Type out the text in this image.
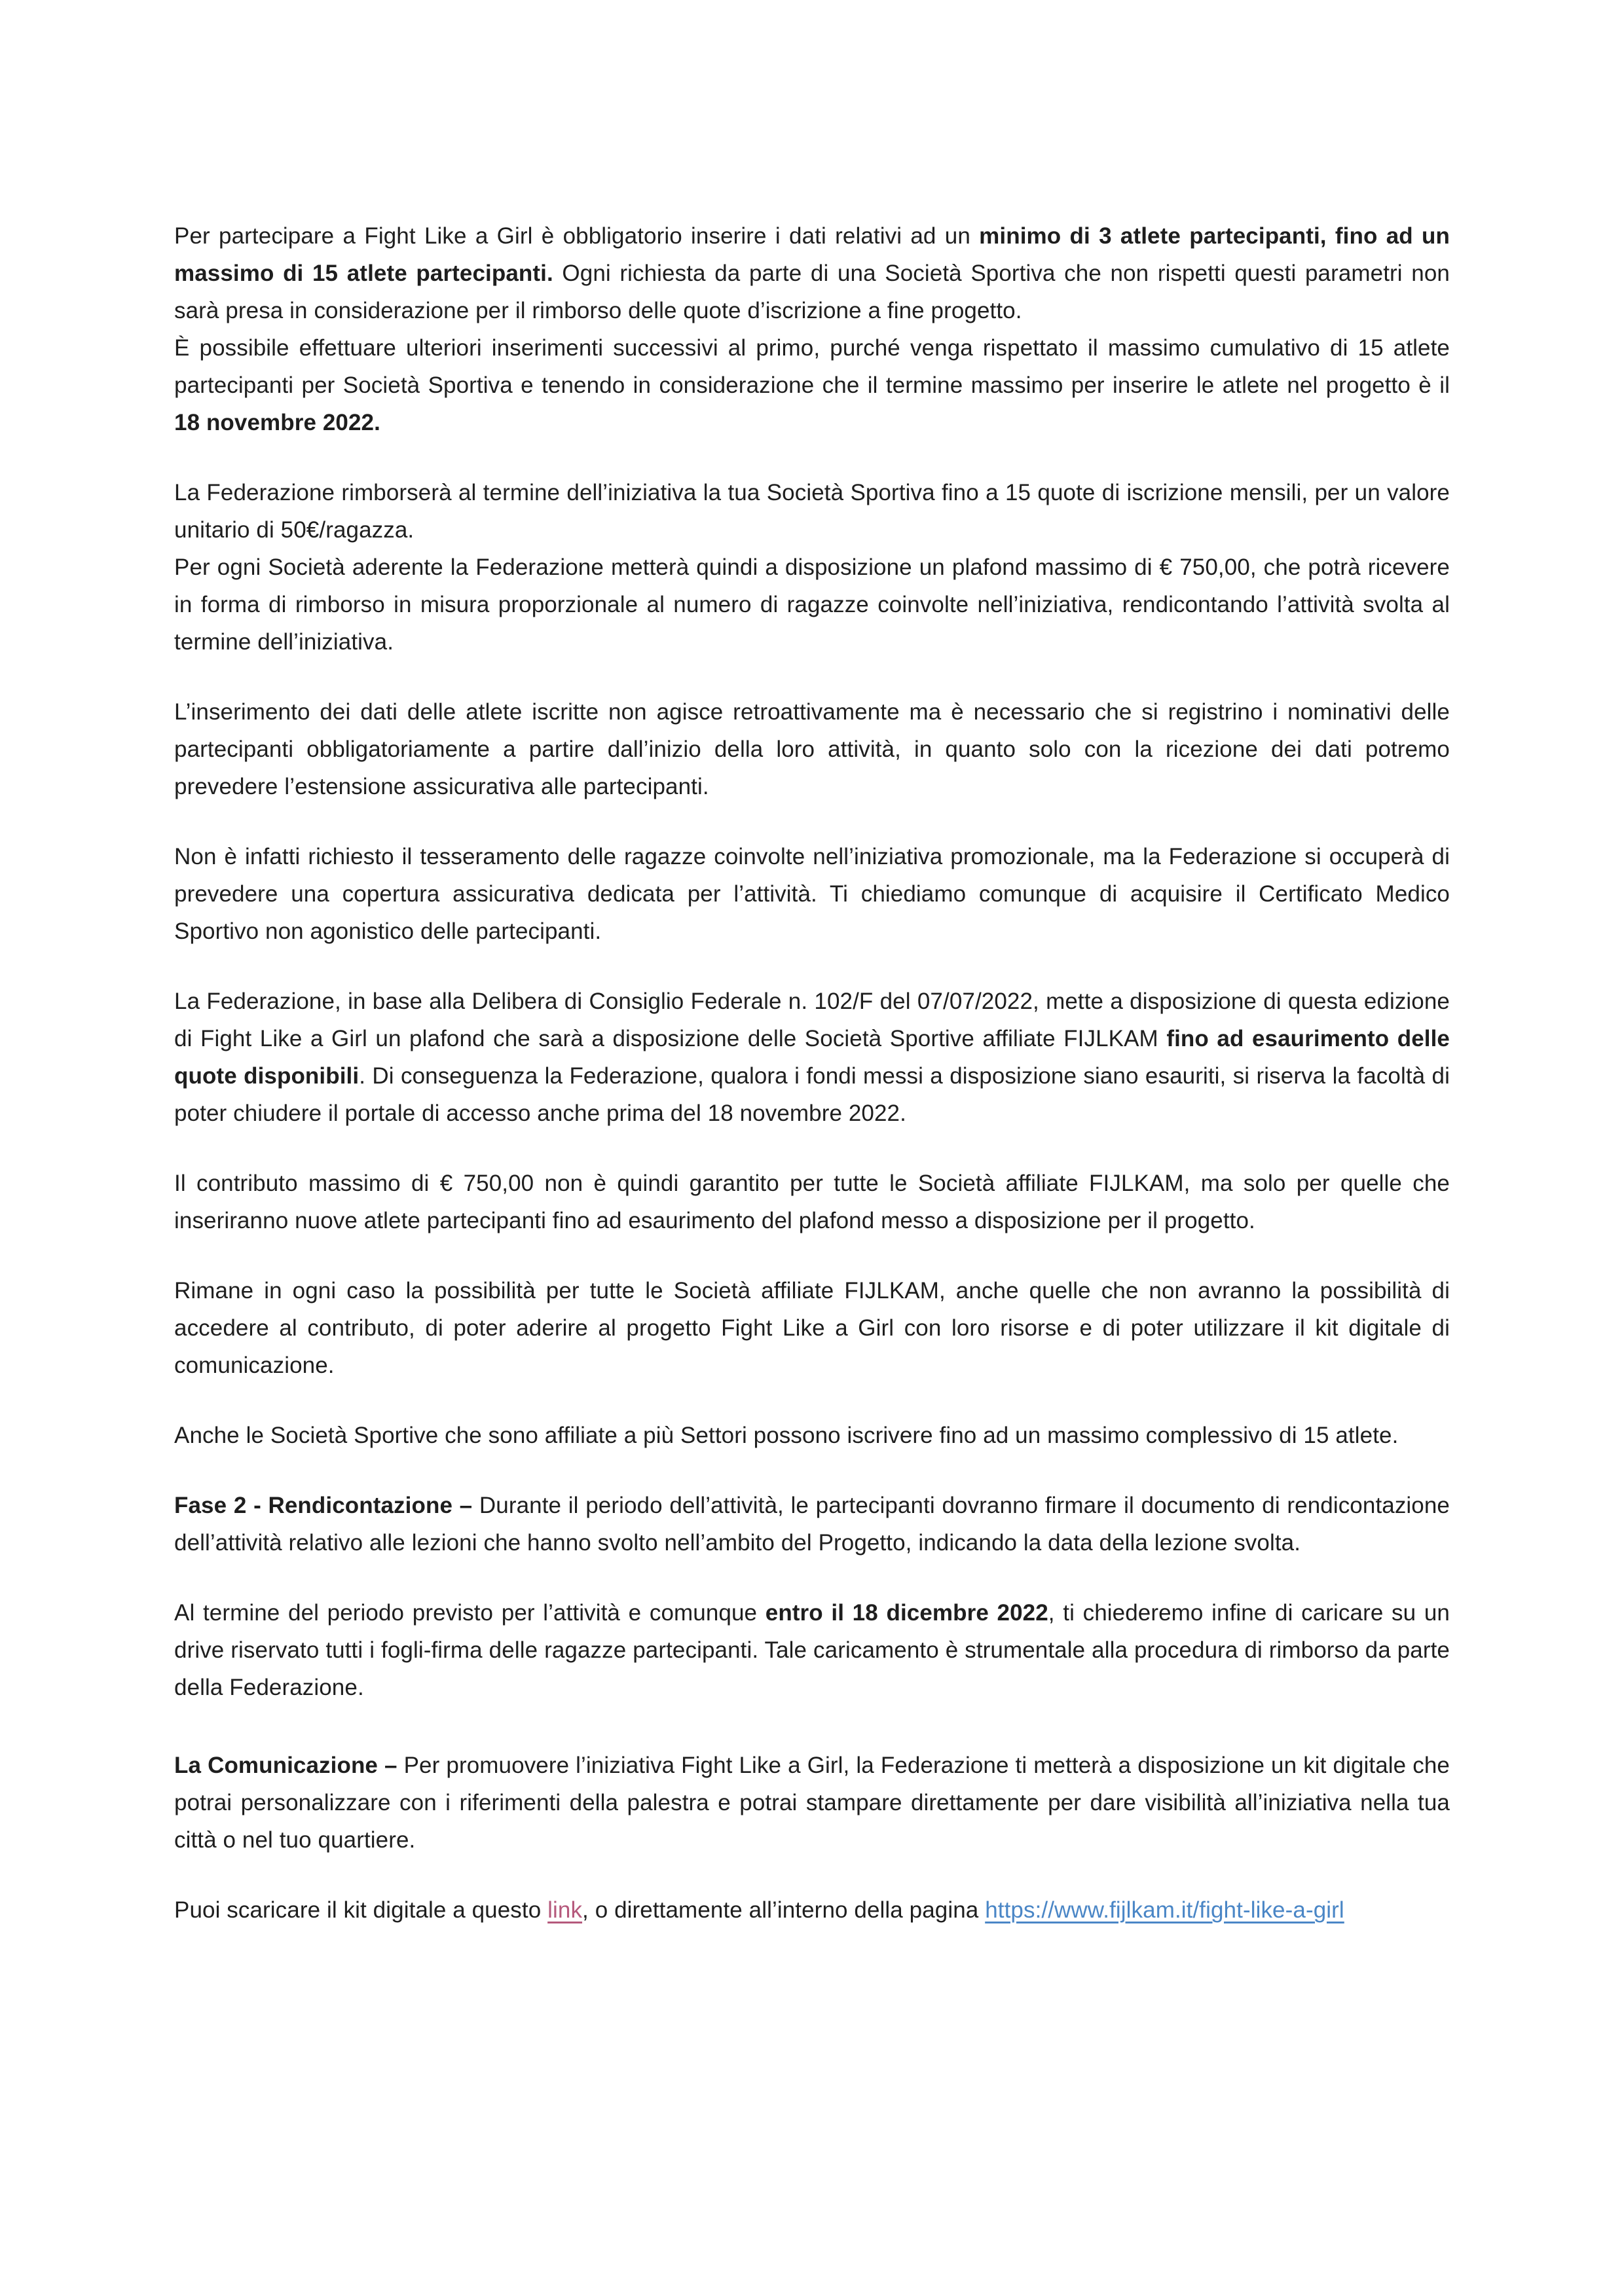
Per partecipare a Fight Like a Girl è obbligatorio inserire i dati relativi ad un minimo di 3 atlete partecipanti, fino ad un massimo di 15 atlete partecipanti. Ogni richiesta da parte di una Società Sportiva che non rispetti questi parametri non sarà presa in considerazione per il rimborso delle quote d’iscrizione a fine progetto.
È possibile effettuare ulteriori inserimenti successivi al primo, purché venga rispettato il massimo cumulativo di 15 atlete partecipanti per Società Sportiva e tenendo in considerazione che il termine massimo per inserire le atlete nel progetto è il 18 novembre 2022.

La Federazione rimborserà al termine dell’iniziativa la tua Società Sportiva fino a 15 quote di iscrizione mensili, per un valore unitario di 50€/ragazza.
Per ogni Società aderente la Federazione metterà quindi a disposizione un plafond massimo di € 750,00, che potrà ricevere in forma di rimborso in misura proporzionale al numero di ragazze coinvolte nell’iniziativa, rendicontando l’attività svolta al termine dell’iniziativa.

L’inserimento dei dati delle atlete iscritte non agisce retroattivamente ma è necessario che si registrino i nominativi delle partecipanti obbligatoriamente a partire dall’inizio della loro attività, in quanto solo con la ricezione dei dati potremo prevedere l’estensione assicurativa alle partecipanti.

Non è infatti richiesto il tesseramento delle ragazze coinvolte nell’iniziativa promozionale, ma la Federazione si occuperà di prevedere una copertura assicurativa dedicata per l’attività. Ti chiediamo comunque di acquisire il Certificato Medico Sportivo non agonistico delle partecipanti.

La Federazione, in base alla Delibera di Consiglio Federale n. 102/F del 07/07/2022, mette a disposizione di questa edizione di Fight Like a Girl un plafond che sarà a disposizione delle Società Sportive affiliate FIJLKAM fino ad esaurimento delle quote disponibili. Di conseguenza la Federazione, qualora i fondi messi a disposizione siano esauriti, si riserva la facoltà di poter chiudere il portale di accesso anche prima del 18 novembre 2022.

Il contributo massimo di € 750,00 non è quindi garantito per tutte le Società affiliate FIJLKAM, ma solo per quelle che inseriranno nuove atlete partecipanti fino ad esaurimento del plafond messo a disposizione per il progetto.

Rimane in ogni caso la possibilità per tutte le Società affiliate FIJLKAM, anche quelle che non avranno la possibilità di accedere al contributo, di poter aderire al progetto Fight Like a Girl con loro risorse e di poter utilizzare il kit digitale di comunicazione.

Anche le Società Sportive che sono affiliate a più Settori possono iscrivere fino ad un massimo complessivo di 15 atlete.

Fase 2 - Rendicontazione – Durante il periodo dell’attività, le partecipanti dovranno firmare il documento di rendicontazione dell’attività relativo alle lezioni che hanno svolto nell’ambito del Progetto, indicando la data della lezione svolta.

Al termine del periodo previsto per l’attività e comunque entro il 18 dicembre 2022, ti chiederemo infine di caricare su un drive riservato tutti i fogli-firma delle ragazze partecipanti. Tale caricamento è strumentale alla procedura di rimborso da parte della Federazione.

La Comunicazione – Per promuovere l’iniziativa Fight Like a Girl, la Federazione ti metterà a disposizione un kit digitale che potrai personalizzare con i riferimenti della palestra e potrai stampare direttamente per dare visibilità all’iniziativa nella tua città o nel tuo quartiere.

Puoi scaricare il kit digitale a questo link, o direttamente all’interno della pagina https://www.fijlkam.it/fight-like-a-girl
